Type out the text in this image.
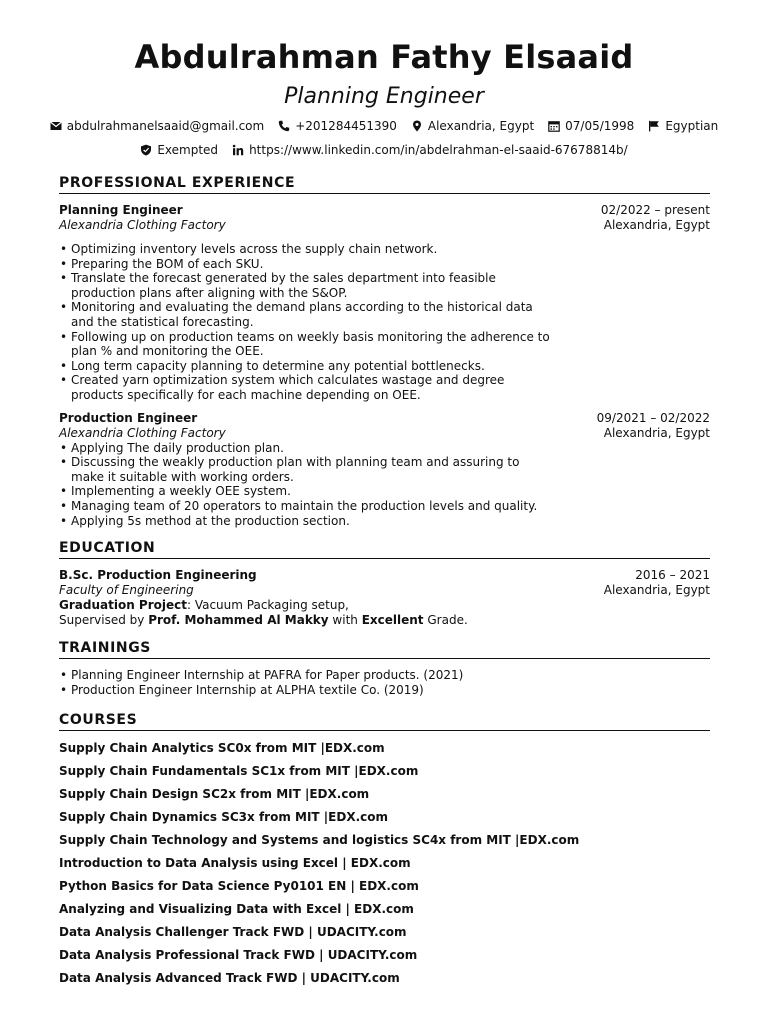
Abdulrahman Fathy Elsaaid
Planning Engineer
abdulrahmanelsaaid@gmail.com	+201284451390	Alexandria, Egypt	07/05/1998	Egyptian
Exempted	https://www.linkedin.com/in/abdelrahman-el-saaid-67678814b/
PROFESSIONAL EXPERIENCE
Planning Engineer	02/2022 – present
Alexandria Clothing Factory	Alexandria, Egypt
• Optimizing inventory levels across the supply chain network.
• Preparing the BOM of each SKU.
• Translate the forecast generated by the sales department into feasible production plans after aligning with the S&OP.
• Monitoring and evaluating the demand plans according to the historical data and the statistical forecasting.
• Following up on production teams on weekly basis monitoring the adherence to plan % and monitoring the OEE.
• Long term capacity planning to determine any potential bottlenecks.
• Created yarn optimization system which calculates wastage and degree products specifically for each machine depending on OEE.
Production Engineer	09/2021 – 02/2022
Alexandria Clothing Factory	Alexandria, Egypt
• Applying The daily production plan.
• Discussing the weakly production plan with planning team and assuring to make it suitable with working orders.
• Implementing a weekly OEE system.
• Managing team of 20 operators to maintain the production levels and quality.
• Applying 5s method at the production section.
EDUCATION
B.Sc. Production Engineering	2016 – 2021
Faculty of Engineering	Alexandria, Egypt
Graduation Project: Vacuum Packaging setup,
Supervised by Prof. Mohammed Al Makky with Excellent Grade.
TRAININGS
• Planning Engineer Internship at PAFRA for Paper products. (2021)
• Production Engineer Internship at ALPHA textile Co. (2019)
COURSES
Supply Chain Analytics SC0x from MIT |EDX.com
Supply Chain Fundamentals SC1x from MIT |EDX.com
Supply Chain Design SC2x from MIT |EDX.com
Supply Chain Dynamics SC3x from MIT |EDX.com
Supply Chain Technology and Systems and logistics SC4x from MIT |EDX.com
Introduction to Data Analysis using Excel | EDX.com
Python Basics for Data Science Py0101 EN | EDX.com
Analyzing and Visualizing Data with Excel | EDX.com
Data Analysis Challenger Track FWD | UDACITY.com
Data Analysis Professional Track FWD | UDACITY.com
Data Analysis Advanced Track FWD | UDACITY.com
